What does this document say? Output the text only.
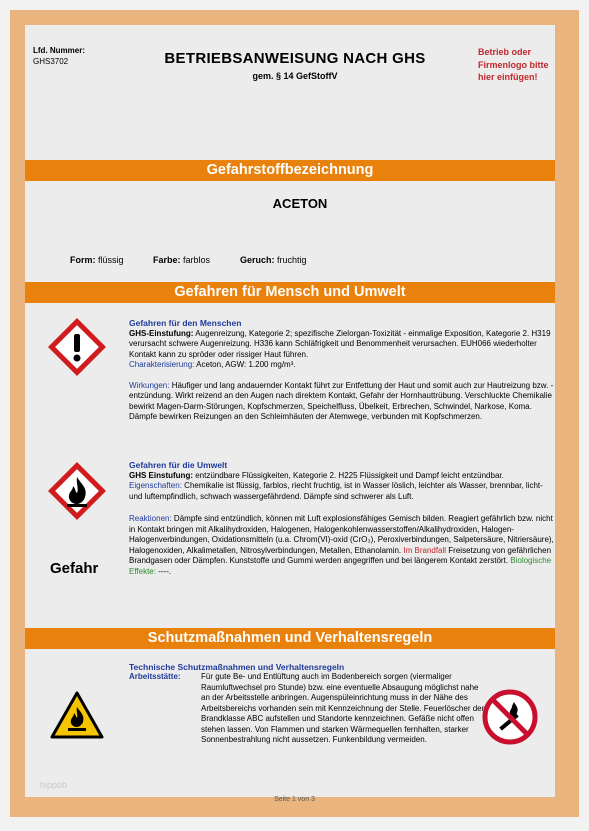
Lfd. Nummer:
GHS3702	BETRIEBSANWEISUNG NACH GHS
gem. § 14 GefStoffV
Betrieb oder Firmenlogo bitte hier einfügen!
Gefahrstoffbezeichnung
ACETON
Form: flüssig	Farbe: farblos	Geruch: fruchtig
Gefahren für Mensch und Umwelt
Gefahren für den Menschen
GHS-Einstufung: Augenreizung, Kategorie 2; spezifische Zielorgan-Toxizität - einmalige Exposition, Kategorie 2. H319 verursacht schwere Augenreizung. H336 kann Schläfrigkeit und Benommenheit verursachen. EUH066 wiederholter Kontakt kann zu spröder oder rissiger Haut führen.
Charakterisierung: Aceton, AGW: 1.200 mg/m³.
Wirkungen: Häufiger und lang andauernder Kontakt führt zur Entfettung der Haut und somit auch zur Hautreizung bzw. -entzündung. Wirkt reizend an den Augen nach direktem Kontakt, Gefahr der Hornhauttrübung. Verschluckte Chemikalie bewirkt Magen-Darm-Störungen, Kopfschmerzen, Speichelfluss, Übelkeit, Erbrechen, Schwindel, Narkose, Koma. Dämpfe bewirken Reizungen an den Schleimhäuten der Atemwege, verbunden mit Kopfschmerzen.
Gefahren für die Umwelt
GHS Einstufung: entzündbare Flüssigkeiten, Kategorie 2. H225 Flüssigkeit und Dampf leicht entzündbar.
Eigenschaften: Chemikalie ist flüssig, farblos, riecht fruchtig, ist in Wasser löslich, leichter als Wasser, brennbar, licht- und luftempfindlich, schwach wassergefährdend. Dämpfe sind schwerer als Luft.
Reaktionen: Dämpfe sind entzündlich, können mit Luft explosionsfähiges Gemisch bilden. Reagiert gefährlich bzw. nicht in Kontakt bringen mit Alkalihydroxiden, Halogenen, Halogenkohlenwasserstoffen/Alkalihydroxiden, Halogen-Halogenverbindungen, Oxidationsmitteln (u.a. Chrom(VI)-oxid (CrO₃), Peroxiverbindungen, Salpetersäure, Nitriersäure), Halogenoxiden, Alkalimetallen, Nitrosylverbindungen, Metallen, Ethanolamin. Im Brandfall Freisetzung von gefährlichen Brandgasen oder Dämpfen. Kunststoffe und Gummi werden angegriffen und bei längerem Kontakt zerstört. Biologische Effekte: ----.
Gefahr
Schutzmaßnahmen und Verhaltensregeln
Technische Schutzmaßnahmen und Verhaltensregeln
Arbeitsstätte:	Für gute Be- und Entlüftung auch im Bodenbereich sorgen (viermaliger Raumluftwechsel pro Stunde) bzw. eine eventuelle Absaugung möglichst nahe an der Arbeitsstelle anbringen. Augenspüleinrichtung muss in der Nähe des Arbeitsbereichs vorhanden sein mit Kennzeichnung der Stelle. Feuerlöscher der Brandklasse ABC aufstellen und Standorte kennzeichnen. Gefäße nicht offen stehen lassen. Von Flammen und starken Wärmequellen fernhalten, starker Sonnenbestrahlung nicht aussetzen. Funkenbildung vermeiden.
Seite 1 von 3
hippob
